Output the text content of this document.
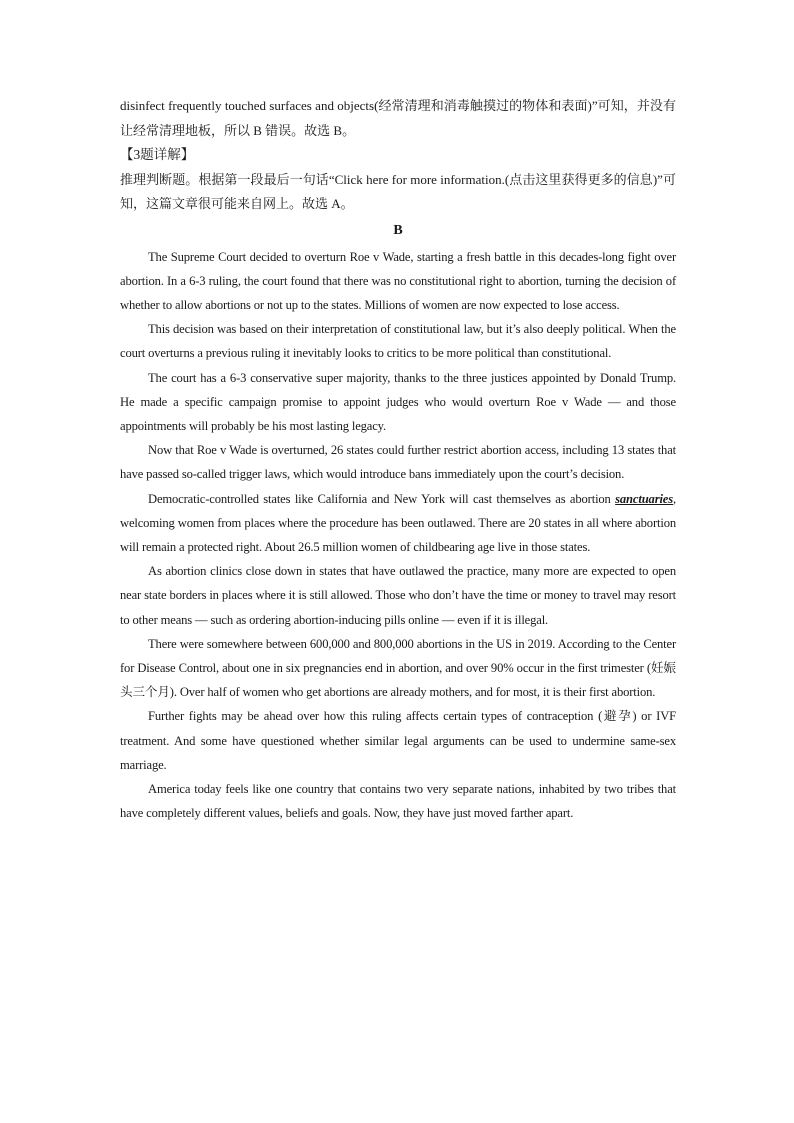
disinfect frequently touched surfaces and objects(经常清理和消毒触摸过的物体和表面)”可知，并没有让经常清理地板，所以 B 错误。故选 B。

【3题详解】

推理判断题。根据第一段最后一句话“Click here for more information.(点击这里获得更多的信息)”可知，这篇文章很可能来自网上。故选 A。

B

The Supreme Court decided to overturn Roe v Wade, starting a fresh battle in this decades-long fight over abortion. In a 6-3 ruling, the court found that there was no constitutional right to abortion, turning the decision of whether to allow abortions or not up to the states. Millions of women are now expected to lose access.

This decision was based on their interpretation of constitutional law, but it’s also deeply political. When the court overturns a previous ruling it inevitably looks to critics to be more political than constitutional.

The court has a 6-3 conservative super majority, thanks to the three justices appointed by Donald Trump. He made a specific campaign promise to appoint judges who would overturn Roe v Wade — and those appointments will probably be his most lasting legacy.

Now that Roe v Wade is overturned, 26 states could further restrict abortion access, including 13 states that have passed so-called trigger laws, which would introduce bans immediately upon the court’s decision.

Democratic-controlled states like California and New York will cast themselves as abortion sanctuaries, welcoming women from places where the procedure has been outlawed. There are 20 states in all where abortion will remain a protected right. About 26.5 million women of childbearing age live in those states.

As abortion clinics close down in states that have outlawed the practice, many more are expected to open near state borders in places where it is still allowed. Those who don’t have the time or money to travel may resort to other means — such as ordering abortion-inducing pills online — even if it is illegal.

There were somewhere between 600,000 and 800,000 abortions in the US in 2019. According to the Center for Disease Control, about one in six pregnancies end in abortion, and over 90% occur in the first trimester (妊娠头三个月). Over half of women who get abortions are already mothers, and for most, it is their first abortion.

Further fights may be ahead over how this ruling affects certain types of contraception (避孕) or IVF treatment. And some have questioned whether similar legal arguments can be used to undermine same-sex marriage.

America today feels like one country that contains two very separate nations, inhabited by two tribes that have completely different values, beliefs and goals. Now, they have just moved farther apart.
